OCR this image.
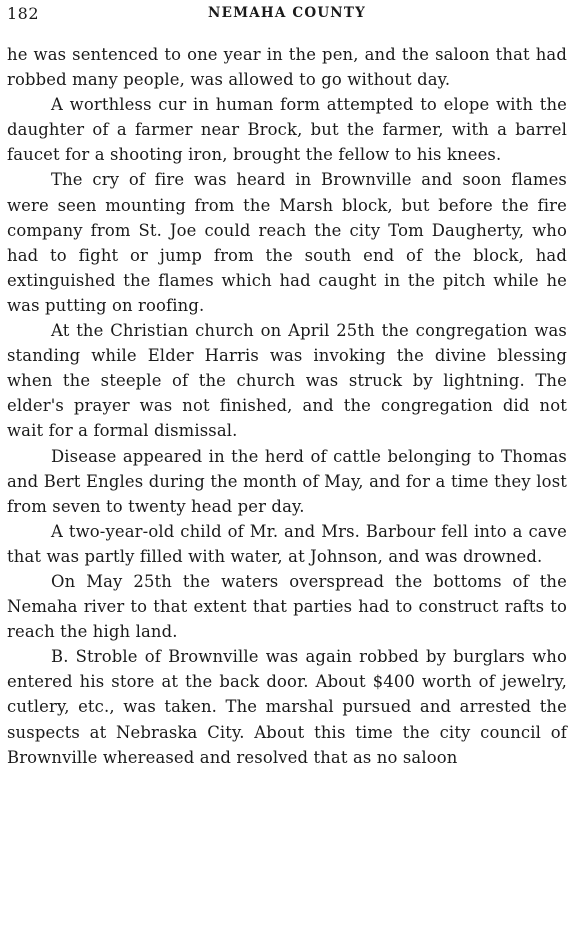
182	NEMAHA COUNTY

he was sentenced to one year in the pen, and the saloon that had robbed many people, was allowed to go without day.

A worthless cur in human form attempted to elope with the daughter of a farmer near Brock, but the farmer, with a barrel faucet for a shooting iron, brought the fellow to his knees.

The cry of fire was heard in Brownville and soon flames were seen mounting from the Marsh block, but before the fire company from St. Joe could reach the city Tom Daugherty, who had to fight or jump from the south end of the block, had extinguished the flames which had caught in the pitch while he was putting on roofing.

At the Christian church on April 25th the congregation was standing while Elder Harris was invoking the divine blessing when the steeple of the church was struck by lightning. The elder's prayer was not finished, and the congregation did not wait for a formal dismissal.

Disease appeared in the herd of cattle belonging to Thomas and Bert Engles during the month of May, and for a time they lost from seven to twenty head per day.

A two-year-old child of Mr. and Mrs. Barbour fell into a cave that was partly filled with water, at Johnson, and was drowned.

On May 25th the waters overspread the bottoms of the Nemaha river to that extent that parties had to construct rafts to reach the high land.

B. Stroble of Brownville was again robbed by burglars who entered his store at the back door. About $400 worth of jewelry, cutlery, etc., was taken. The marshal pursued and arrested the suspects at Nebraska City. About this time the city council of Brownville whereased and resolved that as no saloon
